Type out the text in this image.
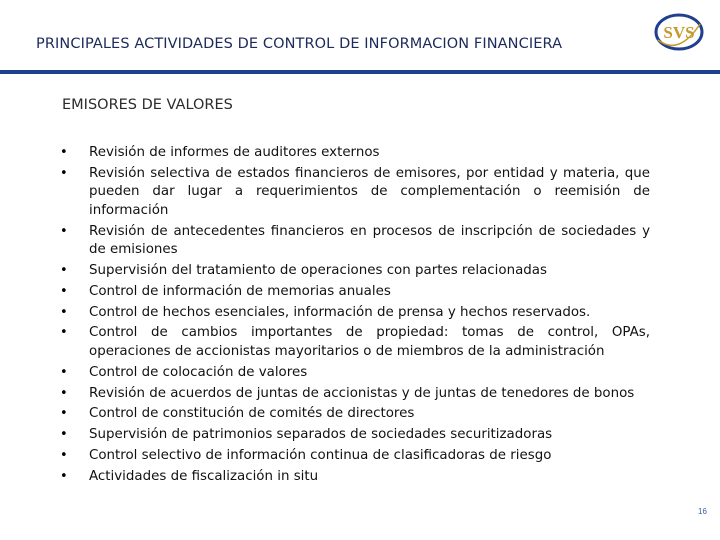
PRINCIPALES ACTIVIDADES DE CONTROL DE INFORMACION FINANCIERA
SVS
EMISORES DE VALORES
• Revisión de informes de auditores externos
• Revisión selectiva de estados financieros de emisores, por entidad y materia, que pueden dar lugar a requerimientos de complementación o reemisión de información
• Revisión de antecedentes financieros en procesos de inscripción de sociedades y de emisiones
• Supervisión del tratamiento de operaciones con partes relacionadas
• Control de información de memorias anuales
• Control de hechos esenciales, información de prensa y hechos reservados.
• Control de cambios importantes de propiedad: tomas de control, OPAs, operaciones de accionistas mayoritarios o de miembros de la administración
• Control de colocación de valores
• Revisión de acuerdos de juntas de accionistas y de juntas de tenedores de bonos
• Control de constitución de comités de directores
• Supervisión de patrimonios separados de sociedades securitizadoras
• Control selectivo de información continua de clasificadoras de riesgo
• Actividades de fiscalización in situ
16
